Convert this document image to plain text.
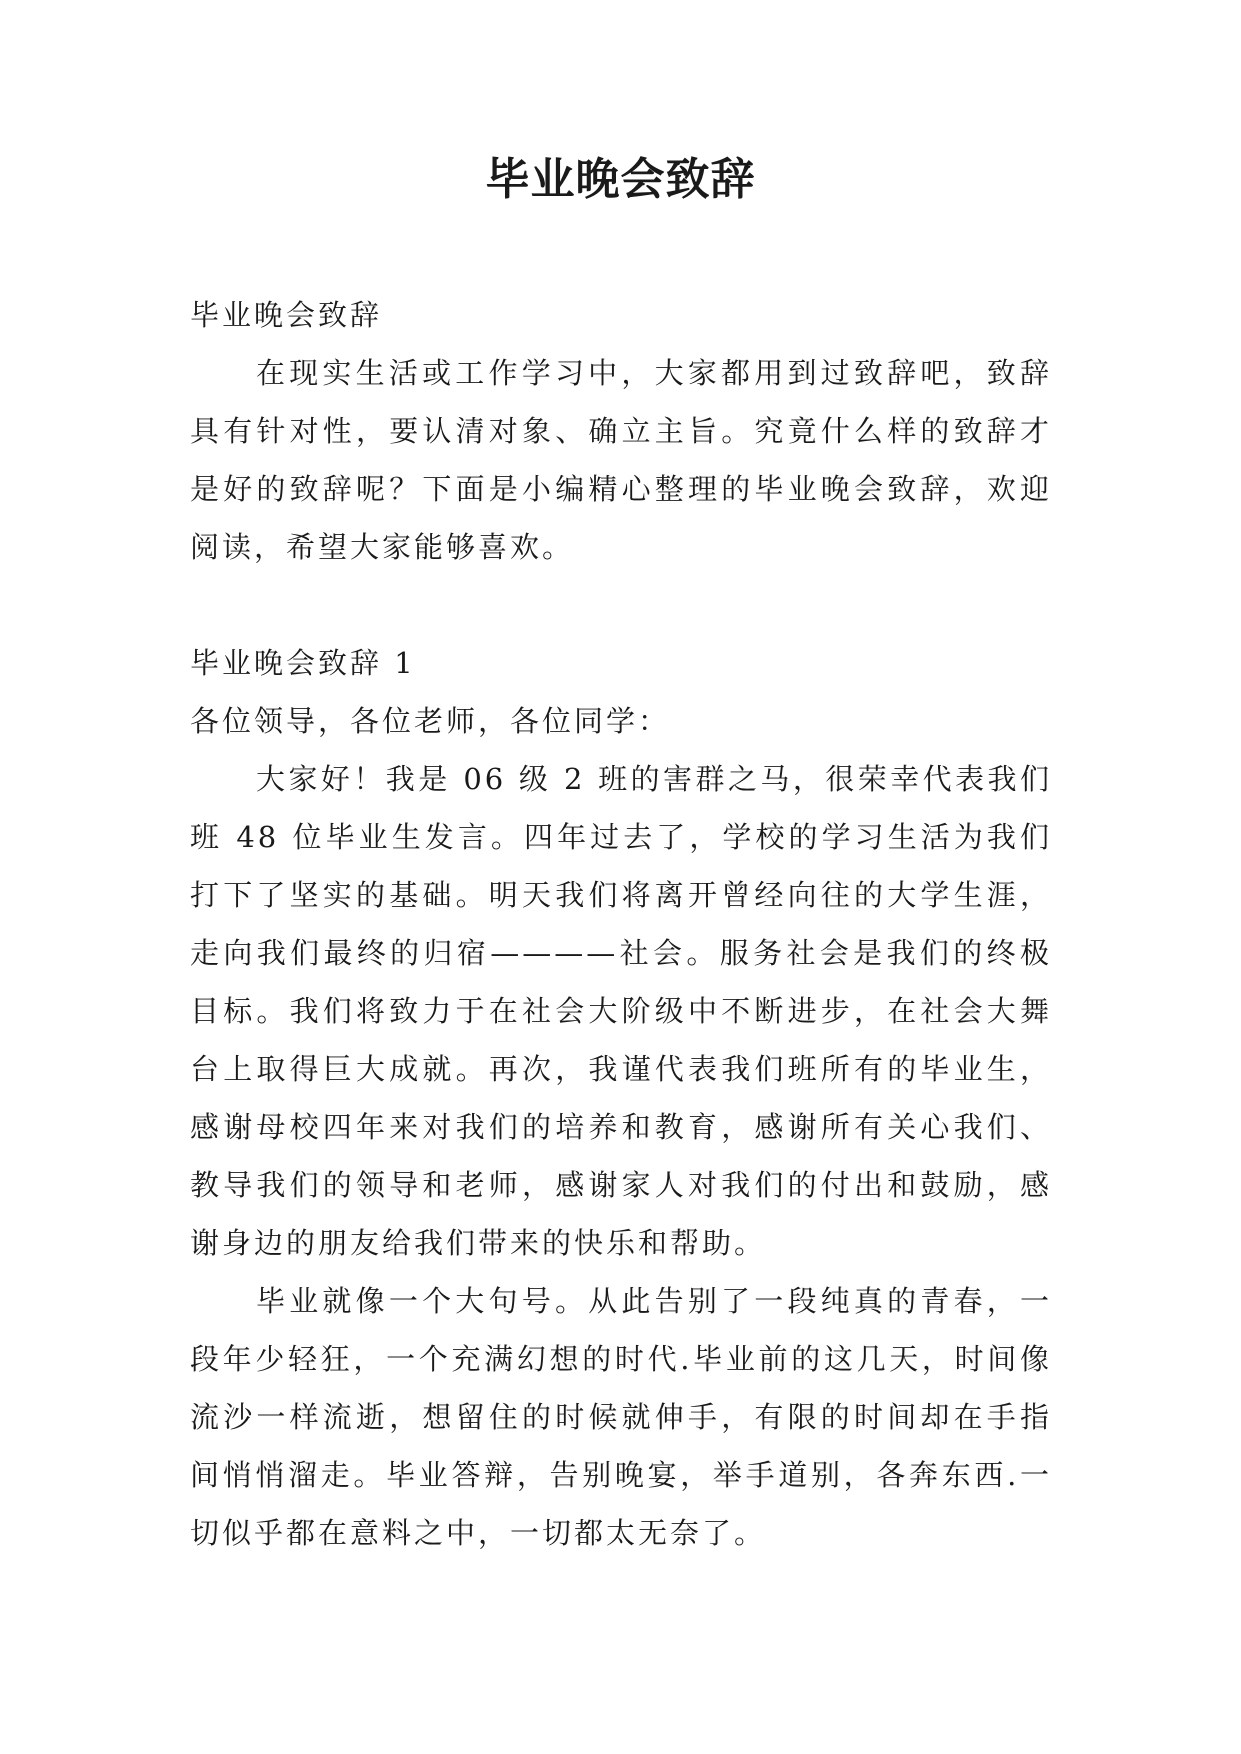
毕业晚会致辞

毕业晚会致辞

在现实生活或工作学习中，大家都用到过致辞吧，致辞具有针对性，要认清对象、确立主旨。究竟什么样的致辞才是好的致辞呢？下面是小编精心整理的毕业晚会致辞，欢迎阅读，希望大家能够喜欢。

毕业晚会致辞 1

各位领导，各位老师，各位同学：

大家好！我是 06 级 2 班的害群之马，很荣幸代表我们班 48 位毕业生发言。四年过去了，学校的学习生活为我们打下了坚实的基础。明天我们将离开曾经向往的大学生涯，走向我们最终的归宿————社会。服务社会是我们的终极目标。我们将致力于在社会大阶级中不断进步，在社会大舞台上取得巨大成就。再次，我谨代表我们班所有的毕业生，感谢母校四年来对我们的培养和教育，感谢所有关心我们、教导我们的领导和老师，感谢家人对我们的付出和鼓励，感谢身边的朋友给我们带来的快乐和帮助。

毕业就像一个大句号。从此告别了一段纯真的青春，一段年少轻狂，一个充满幻想的时代.毕业前的这几天，时间像流沙一样流逝，想留住的时候就伸手，有限的时间却在手指间悄悄溜走。毕业答辩，告别晚宴，举手道别，各奔东西.一切似乎都在意料之中，一切都太无奈了。
